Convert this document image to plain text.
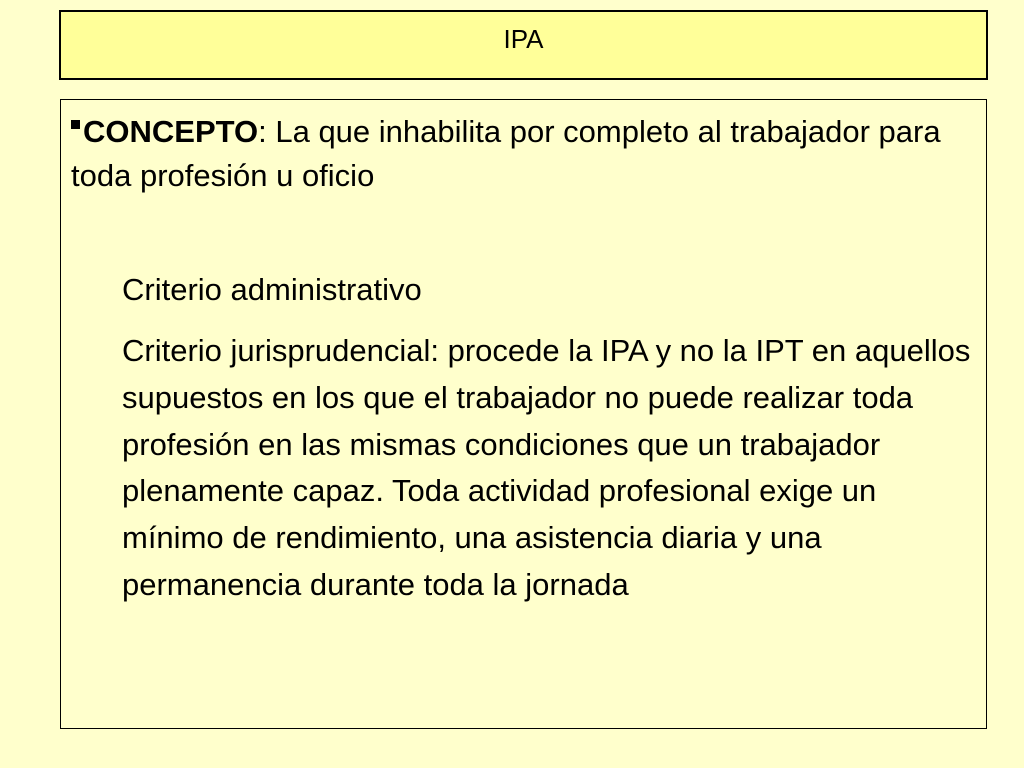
IPA

CONCEPTO: La que inhabilita por completo al trabajador para toda profesión u oficio

Criterio administrativo

Criterio jurisprudencial: procede la IPA y no la IPT en aquellos supuestos en los que el trabajador no puede realizar toda profesión en las mismas condiciones que un trabajador plenamente capaz. Toda actividad profesional exige un mínimo de rendimiento, una asistencia diaria y una permanencia durante toda la jornada
